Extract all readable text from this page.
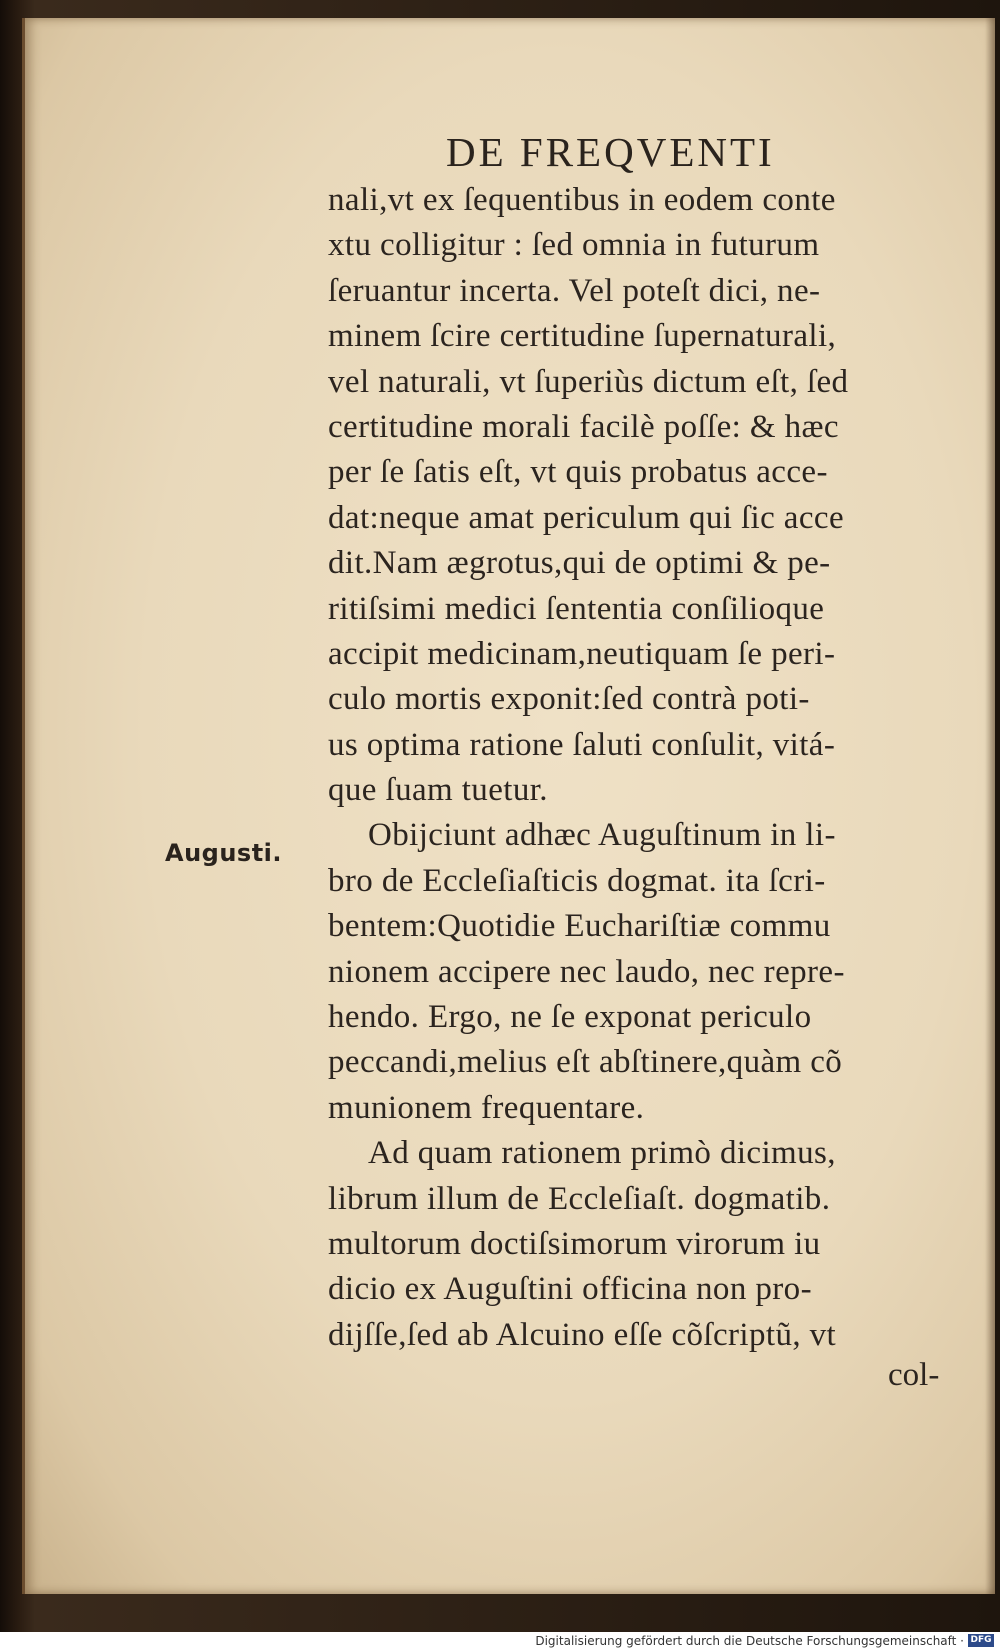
DE FREQVENTI
Augusti.
nali,vt ex ſequentibus in eodem conte
xtu colligitur : ſed omnia in futurum
ſeruantur incerta. Vel poteſt dici, ne-
minem ſcire certitudine ſupernaturali,
vel naturali, vt ſuperiùs dictum eſt, ſed
certitudine morali facilè poſſe: & hæc
per ſe ſatis eſt, vt quis probatus acce-
dat:neque amat periculum qui ſic acce
dit.Nam ægrotus,qui de optimi & pe-
ritiſsimi medici ſententia conſilioque
accipit medicinam,neutiquam ſe peri-
culo mortis exponit:ſed contrà poti-
us optima ratione ſaluti conſulit, vitá-
que ſuam tuetur.
Obijciunt adhæc Auguſtinum in li-
bro de Eccleſiaſticis dogmat. ita ſcri-
bentem:Quotidie Euchariſtiæ commu
nionem accipere nec laudo, nec repre-
hendo. Ergo, ne ſe exponat periculo
peccandi,melius eſt abſtinere,quàm cõ
munionem frequentare.
Ad quam rationem primò dicimus,
librum illum de Eccleſiaſt. dogmatib.
multorum doctiſsimorum virorum iu
dicio ex Auguſtini officina non pro-
dijſſe,ſed ab Alcuino eſſe cõſcriptũ, vt
col-
Digitalisierung gefördert durch die Deutsche Forschungsgemeinschaft · DFG
